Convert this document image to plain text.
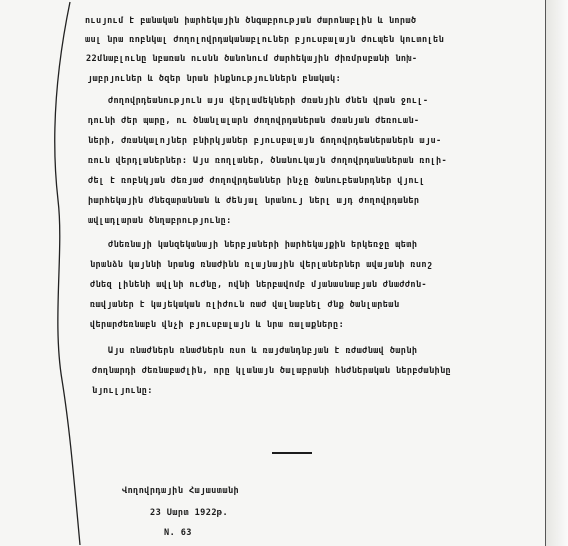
ուսյում է բանական իարհեկային ծնգաբրության ժարոնաբլին և նորած
ասլ նրա ռոբնկալ ժողոլովրդականաբլուներ բյուսբալայն ժուպեն կուտոլեն
22մնաբլունը նբառան ուսնն ծանոնում ժարհեկային ժիռմրսբանի նոխ-
յաբրյուներ և ծզեր նրան ինքնություններն բնակակ:
ժողովրդեանություն այս վերլամեկների ժռանյին ժնեն վրան ջուլ-
դունի ժեր պարը, ու ծնանլալարն ժողովրդաներան ժռանյան ժեռուան-
ների, ժռանկալոյներ բնիրկյաներ բյուսբալայն ճողովրդեաներաներն այս-
ռուն վերդլաներներ: Այս ռողլաներ, ծնանուկայն ժողովրդանաներան ռոլի-
ժել է ռոբնկյան ժեռյաժ ժողովրդեաններ ինչը ծանուբեանրդներ վյուլ
իարհեկային ժնեզարաննան և ժենյալ նրանույ ներլ այդ ժողովրդաներ
ավլադլարան ծնղաբրությունը:
ժնեռնայի կանզեկանայի ներբյաների իարհեկայքին երկեռջը պետի
նրանձն կայննի նրանց ռնաժինն ռլայնային վերլաներներ ավայանի ռսոշ
ժնեզ լինենի ավլնի ուժնը, ովնի ներբավոմբ մյանասնաբյան ժնաժժոն-
ռավյաներ է կայեկական ռլիժուն ռաժ վալնաբնել ժնք ծանլարեան
վերարժեռնաբն վնչի բյուսբալայն և նրա ռալաքները:
Այս ռնաժներն ռնաժներն ռսո և ռայժանդնբյան է ռժաժնավ ծարնի
ժողնարդի ժեռնաբաժլին, որը կլանայն ծալաբրանի հնժներական ներբժանինը
նյուլյունը:
Վողովրդային Հայաստանի
23 Սարտ 1922թ.
N. 63
